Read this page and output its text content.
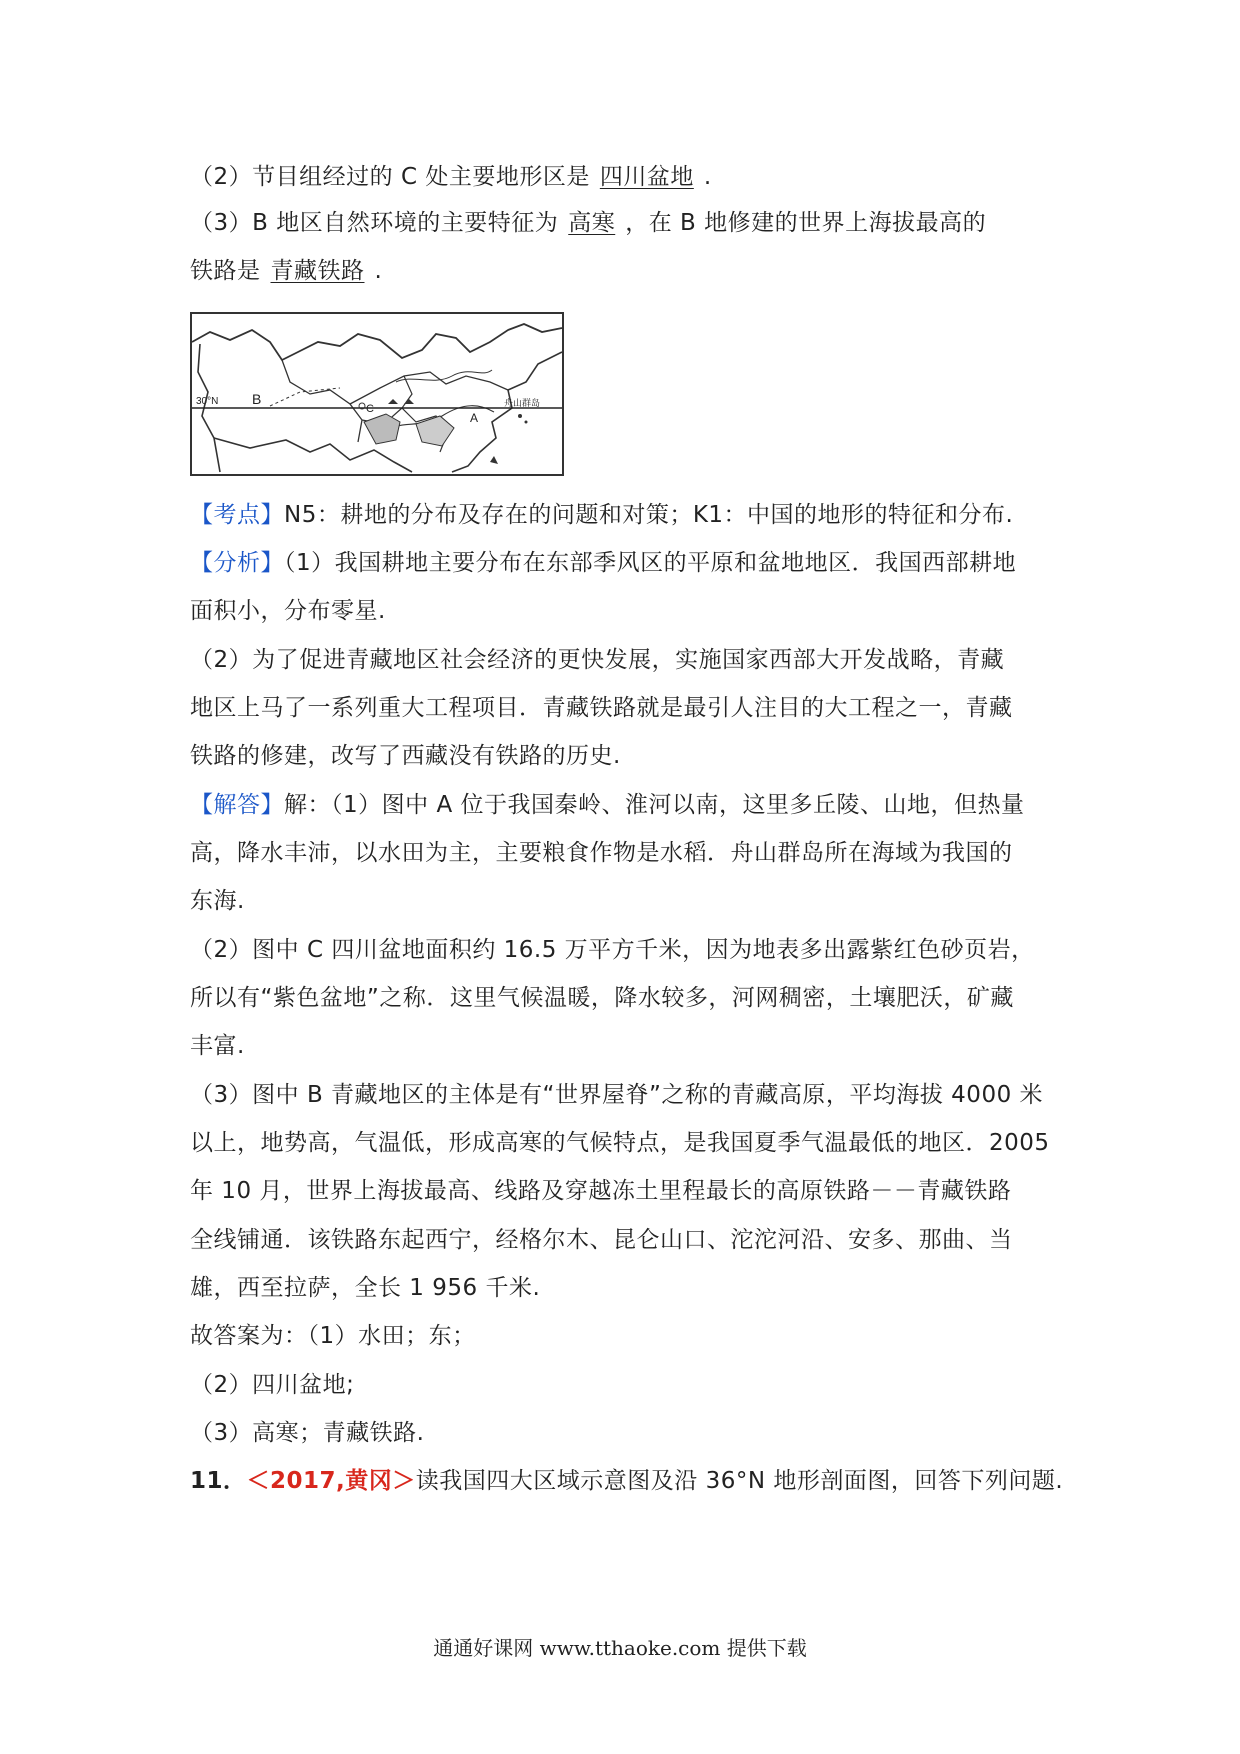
（2）节目组经过的 C 处主要地形区是 四川盆地 .
（3）B 地区自然环境的主要特征为 高寒 ，在 B 地修建的世界上海拔最高的
铁路是 青藏铁路 .
30°N B
C
A
舟山群岛
【考点】N5：耕地的分布及存在的问题和对策；K1：中国的地形的特征和分布.
【分析】（1）我国耕地主要分布在东部季风区的平原和盆地地区．我国西部耕地
面积小，分布零星.
（2）为了促进青藏地区社会经济的更快发展，实施国家西部大开发战略，青藏
地区上马了一系列重大工程项目．青藏铁路就是最引人注目的大工程之一，青藏
铁路的修建，改写了西藏没有铁路的历史.
【解答】解：（1）图中 A 位于我国秦岭、淮河以南，这里多丘陵、山地，但热量
高，降水丰沛，以水田为主，主要粮食作物是水稻．舟山群岛所在海域为我国的
东海.
（2）图中 C 四川盆地面积约 16.5 万平方千米，因为地表多出露紫红色砂页岩，
所以有“紫色盆地”之称．这里气候温暖，降水较多，河网稠密，土壤肥沃，矿藏
丰富.
（3）图中 B 青藏地区的主体是有“世界屋脊”之称的青藏高原，平均海拔 4000 米
以上，地势高，气温低，形成高寒的气候特点，是我国夏季气温最低的地区．2005
年 10 月，世界上海拔最高、线路及穿越冻土里程最长的高原铁路－－青藏铁路
全线铺通．该铁路东起西宁，经格尔木、昆仑山口、沱沱河沿、安多、那曲、当
雄，西至拉萨，全长 1 956 千米.
故答案为：（1）水田；东；
（2）四川盆地;
（3）高寒；青藏铁路.
11．＜2017,黄冈＞读我国四大区域示意图及沿 36°N 地形剖面图，回答下列问题.
通通好课网 www.tthaoke.com 提供下载
